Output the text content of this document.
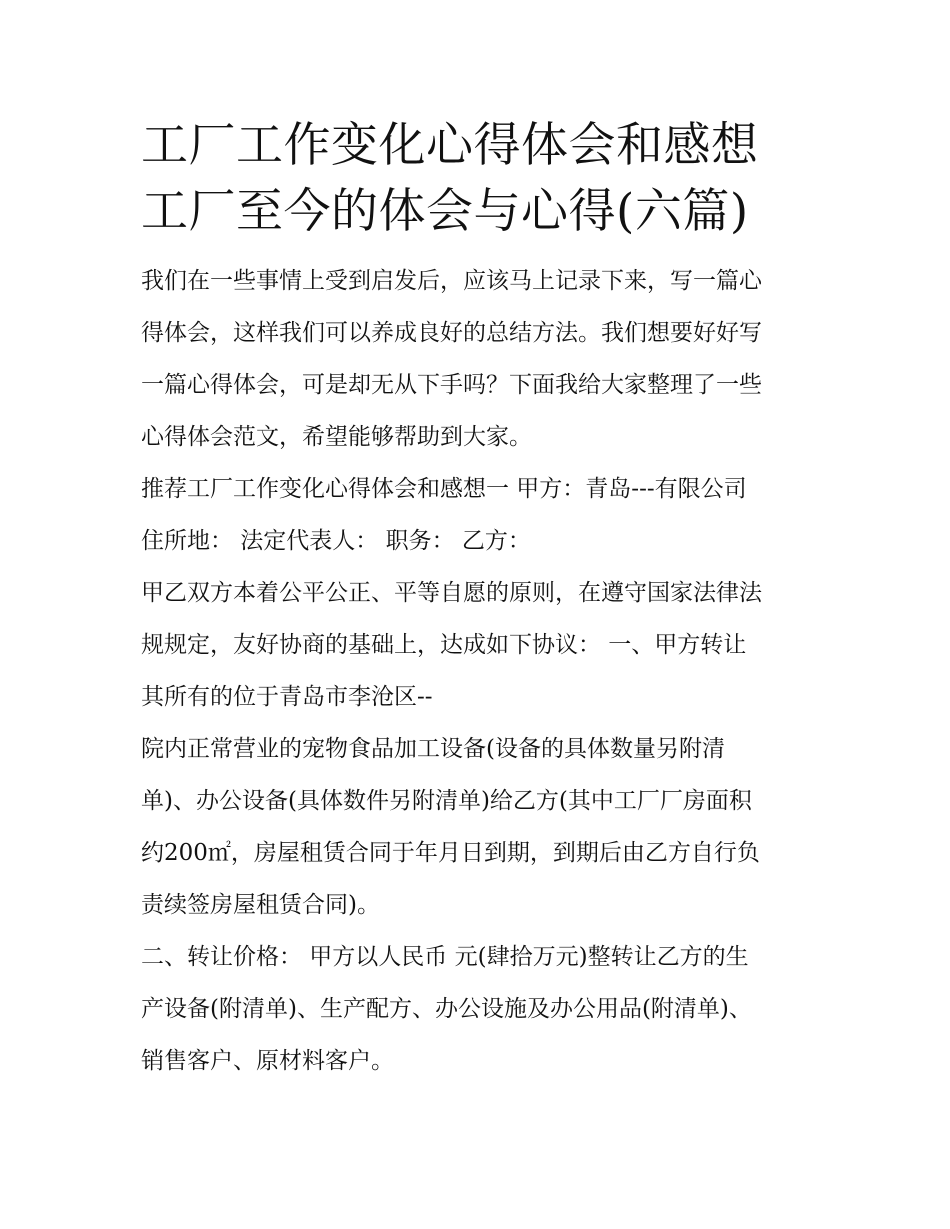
工厂工作变化心得体会和感想
工厂至今的体会与心得(六篇)

我们在一些事情上受到启发后，应该马上记录下来，写一篇心
得体会，这样我们可以养成良好的总结方法。我们想要好好写
一篇心得体会，可是却无从下手吗？下面我给大家整理了一些
心得体会范文，希望能够帮助到大家。

推荐工厂工作变化心得体会和感想一 甲方：青岛---有限公司
住所地： 法定代表人： 职务： 乙方：

甲乙双方本着公平公正、平等自愿的原则，在遵守国家法律法
规规定，友好协商的基础上，达成如下协议： 一、甲方转让
其所有的位于青岛市李沧区--

院内正常营业的宠物食品加工设备(设备的具体数量另附清
单)、办公设备(具体数件另附清单)给乙方(其中工厂厂房面积
约200㎡，房屋租赁合同于年月日到期，到期后由乙方自行负
责续签房屋租赁合同)。

二、转让价格： 甲方以人民币 元(肆拾万元)整转让乙方的生
产设备(附清单)、生产配方、办公设施及办公用品(附清单)、
销售客户、原材料客户。
